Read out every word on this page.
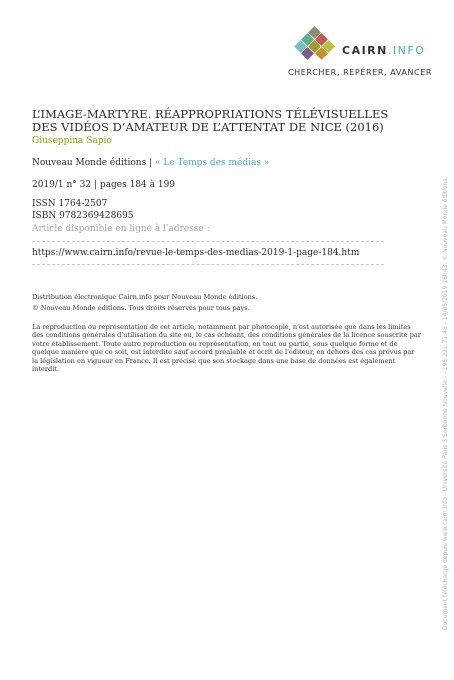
CAIRN.INFO
CHERCHER, REPÉRER, AVANCER
L’IMAGE-MARTYRE. RÉAPPROPRIATIONS TÉLÉVISUELLES DES VIDÉOS D’AMATEUR DE L’ATTENTAT DE NICE (2016)
Giuseppina Sapio
Nouveau Monde éditions | « Le Temps des médias »
2019/1 n° 32 | pages 184 à 199
ISSN 1764-2507
ISBN 9782369428695
Article disponible en ligne à l'adresse :
https://www.cairn.info/revue-le-temps-des-medias-2019-1-page-184.htm
Distribution électronique Cairn.info pour Nouveau Monde éditions.
© Nouveau Monde éditions. Tous droits réservés pour tous pays.

La reproduction ou représentation de cet article, notamment par photocopie, n'est autorisée que dans les limites des conditions générales d'utilisation du site ou, le cas échéant, des conditions générales de la licence souscrite par votre établissement. Toute autre reproduction ou représentation, en tout ou partie, sous quelque forme et de quelque manière que ce soit, est interdite sauf accord préalable et écrit de l'éditeur, en dehors des cas prévus par la législation en vigueur en France. Il est précisé que son stockage dans une base de données est également interdit.	Document téléchargé depuis www.cairn.info - Université Paris 3 Sorbonne Nouvelle - - 195.221.71.48 - 14/05/2019 16h43. © Nouveau Monde éditions
